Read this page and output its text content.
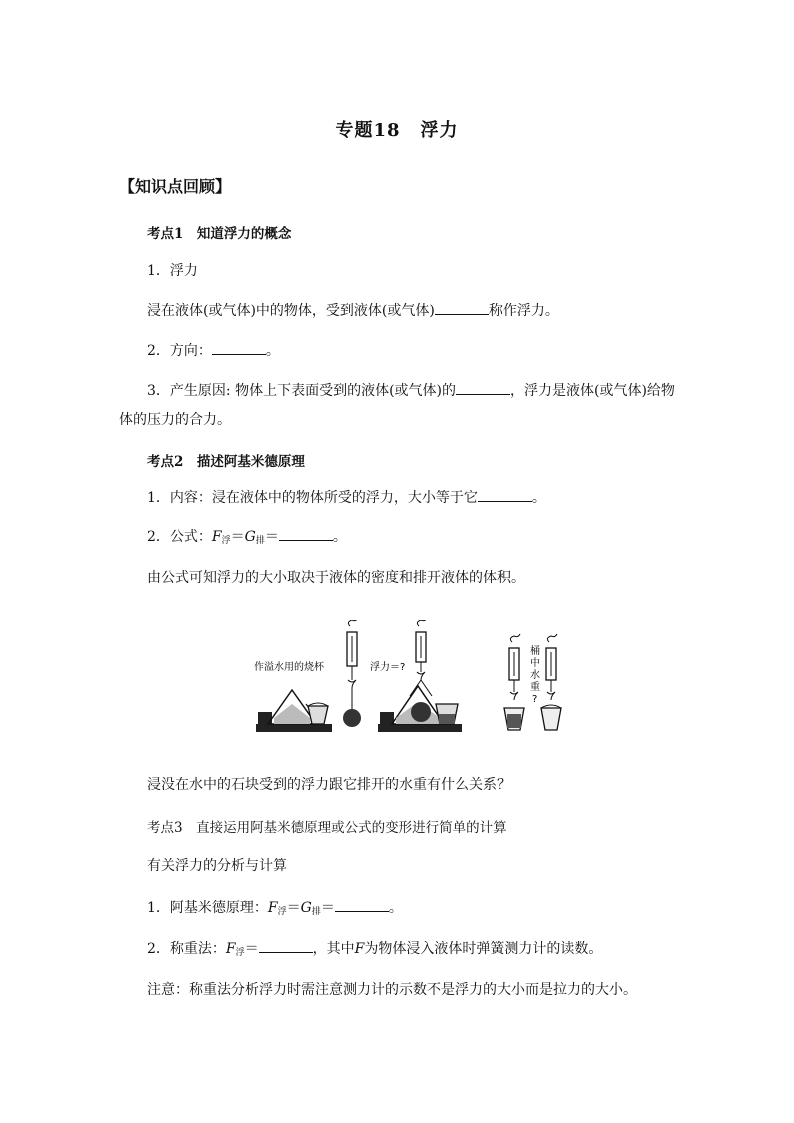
专题18 浮力
【知识点回顾】
考点1　知道浮力的概念
1．浮力
浸在液体(或气体)中的物体，受到液体(或气体)	称作浮力。
2．方向：	。
3．产生原因: 物体上下表面受到的液体(或气体)的	，浮力是液体(或气体)给物
体的压力的合力。
考点2　描述阿基米德原理
1．内容：浸在液体中的物体所受的浮力，大小等于它	。
2．公式：$F_浮=G_排=$	。
由公式可知浮力的大小取决于液体的密度和排开液体的体积。
作溢水用的烧杯	浮力＝?
桶
中
水
重
?
浸没在水中的石块受到的浮力跟它排开的水重有什么关系？
考点3　直接运用阿基米德原理或公式的变形进行简单的计算
有关浮力的分析与计算
1．阿基米德原理：$F_浮=G_排=$	。
2．称重法：$F_浮=$	，其中F为物体浸入液体时弹簧测力计的读数。
注意：称重法分析浮力时需注意测力计的示数不是浮力的大小而是拉力的大小。
